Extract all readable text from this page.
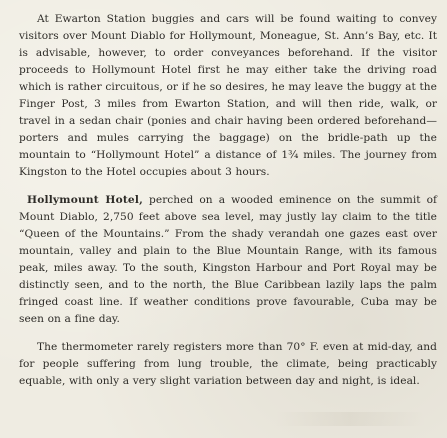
At Ewarton Station buggies and cars will be found waiting to convey visitors over Mount Diablo for Hollymount, Moneague, St. Ann’s Bay, etc. It is advisable, however, to order conveyances beforehand. If the visitor proceeds to Hollymount Hotel first he may either take the driving road which is rather circuitous, or if he so desires, he may leave the buggy at the Finger Post, 3 miles from Ewarton Station, and will then ride, walk, or travel in a sedan chair (ponies and chair having been ordered beforehand—porters and mules carrying the baggage) on the bridle-path up the mountain to “Hollymount Hotel” a distance of 1¾ miles. The journey from Kingston to the Hotel occupies about 3 hours.

Hollymount Hotel, perched on a wooded eminence on the summit of Mount Diablo, 2,750 feet above sea level, may justly lay claim to the title “Queen of the Mountains.” From the shady verandah one gazes east over mountain, valley and plain to the Blue Mountain Range, with its famous peak, miles away. To the south, Kingston Harbour and Port Royal may be distinctly seen, and to the north, the Blue Caribbean lazily laps the palm fringed coast line. If weather conditions prove favourable, Cuba may be seen on a fine day.

The thermometer rarely registers more than 70° F. even at mid-day, and for people suffering from lung trouble, the climate, being practicably equable, with only a very slight variation between day and night, is ideal.
